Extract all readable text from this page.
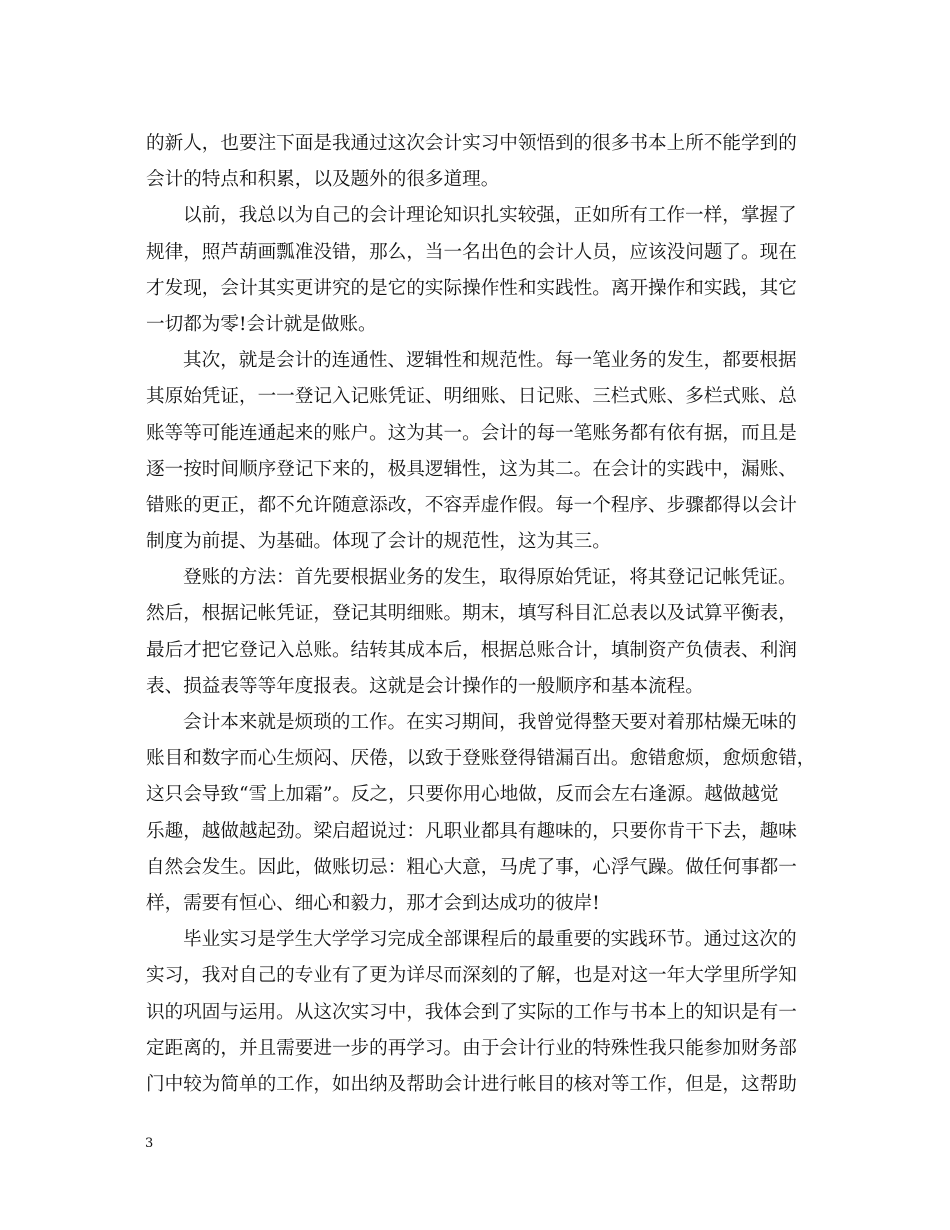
的新人，也要注下面是我通过这次会计实习中领悟到的很多书本上所不能学到的
会计的特点和积累，以及题外的很多道理。
以前，我总以为自己的会计理论知识扎实较强，正如所有工作一样，掌握了
规律，照芦葫画瓢准没错，那么，当一名出色的会计人员，应该没问题了。现在
才发现，会计其实更讲究的是它的实际操作性和实践性。离开操作和实践，其它
一切都为零!会计就是做账。
其次，就是会计的连通性、逻辑性和规范性。每一笔业务的发生，都要根据
其原始凭证，一一登记入记账凭证、明细账、日记账、三栏式账、多栏式账、总
账等等可能连通起来的账户。这为其一。会计的每一笔账务都有依有据，而且是
逐一按时间顺序登记下来的，极具逻辑性，这为其二。在会计的实践中，漏账、
错账的更正，都不允许随意添改，不容弄虚作假。每一个程序、步骤都得以会计
制度为前提、为基础。体现了会计的规范性，这为其三。
登账的方法：首先要根据业务的发生，取得原始凭证，将其登记记帐凭证。
然后，根据记帐凭证，登记其明细账。期末，填写科目汇总表以及试算平衡表，
最后才把它登记入总账。结转其成本后，根据总账合计，填制资产负债表、利润
表、损益表等等年度报表。这就是会计操作的一般顺序和基本流程。
会计本来就是烦琐的工作。在实习期间，我曾觉得整天要对着那枯燥无味的
账目和数字而心生烦闷、厌倦，以致于登账登得错漏百出。愈错愈烦，愈烦愈错，
这只会导致“雪上加霜”。反之，只要你用心地做，反而会左右逢源。越做越觉
乐趣，越做越起劲。梁启超说过：凡职业都具有趣味的，只要你肯干下去，趣味
自然会发生。因此，做账切忌：粗心大意，马虎了事，心浮气躁。做任何事都一
样，需要有恒心、细心和毅力，那才会到达成功的彼岸!
毕业实习是学生大学学习完成全部课程后的最重要的实践环节。通过这次的
实习，我对自己的专业有了更为详尽而深刻的了解，也是对这一年大学里所学知
识的巩固与运用。从这次实习中，我体会到了实际的工作与书本上的知识是有一
定距离的，并且需要进一步的再学习。由于会计行业的特殊性我只能参加财务部
门中较为简单的工作，如出纳及帮助会计进行帐目的核对等工作，但是，这帮助
3
